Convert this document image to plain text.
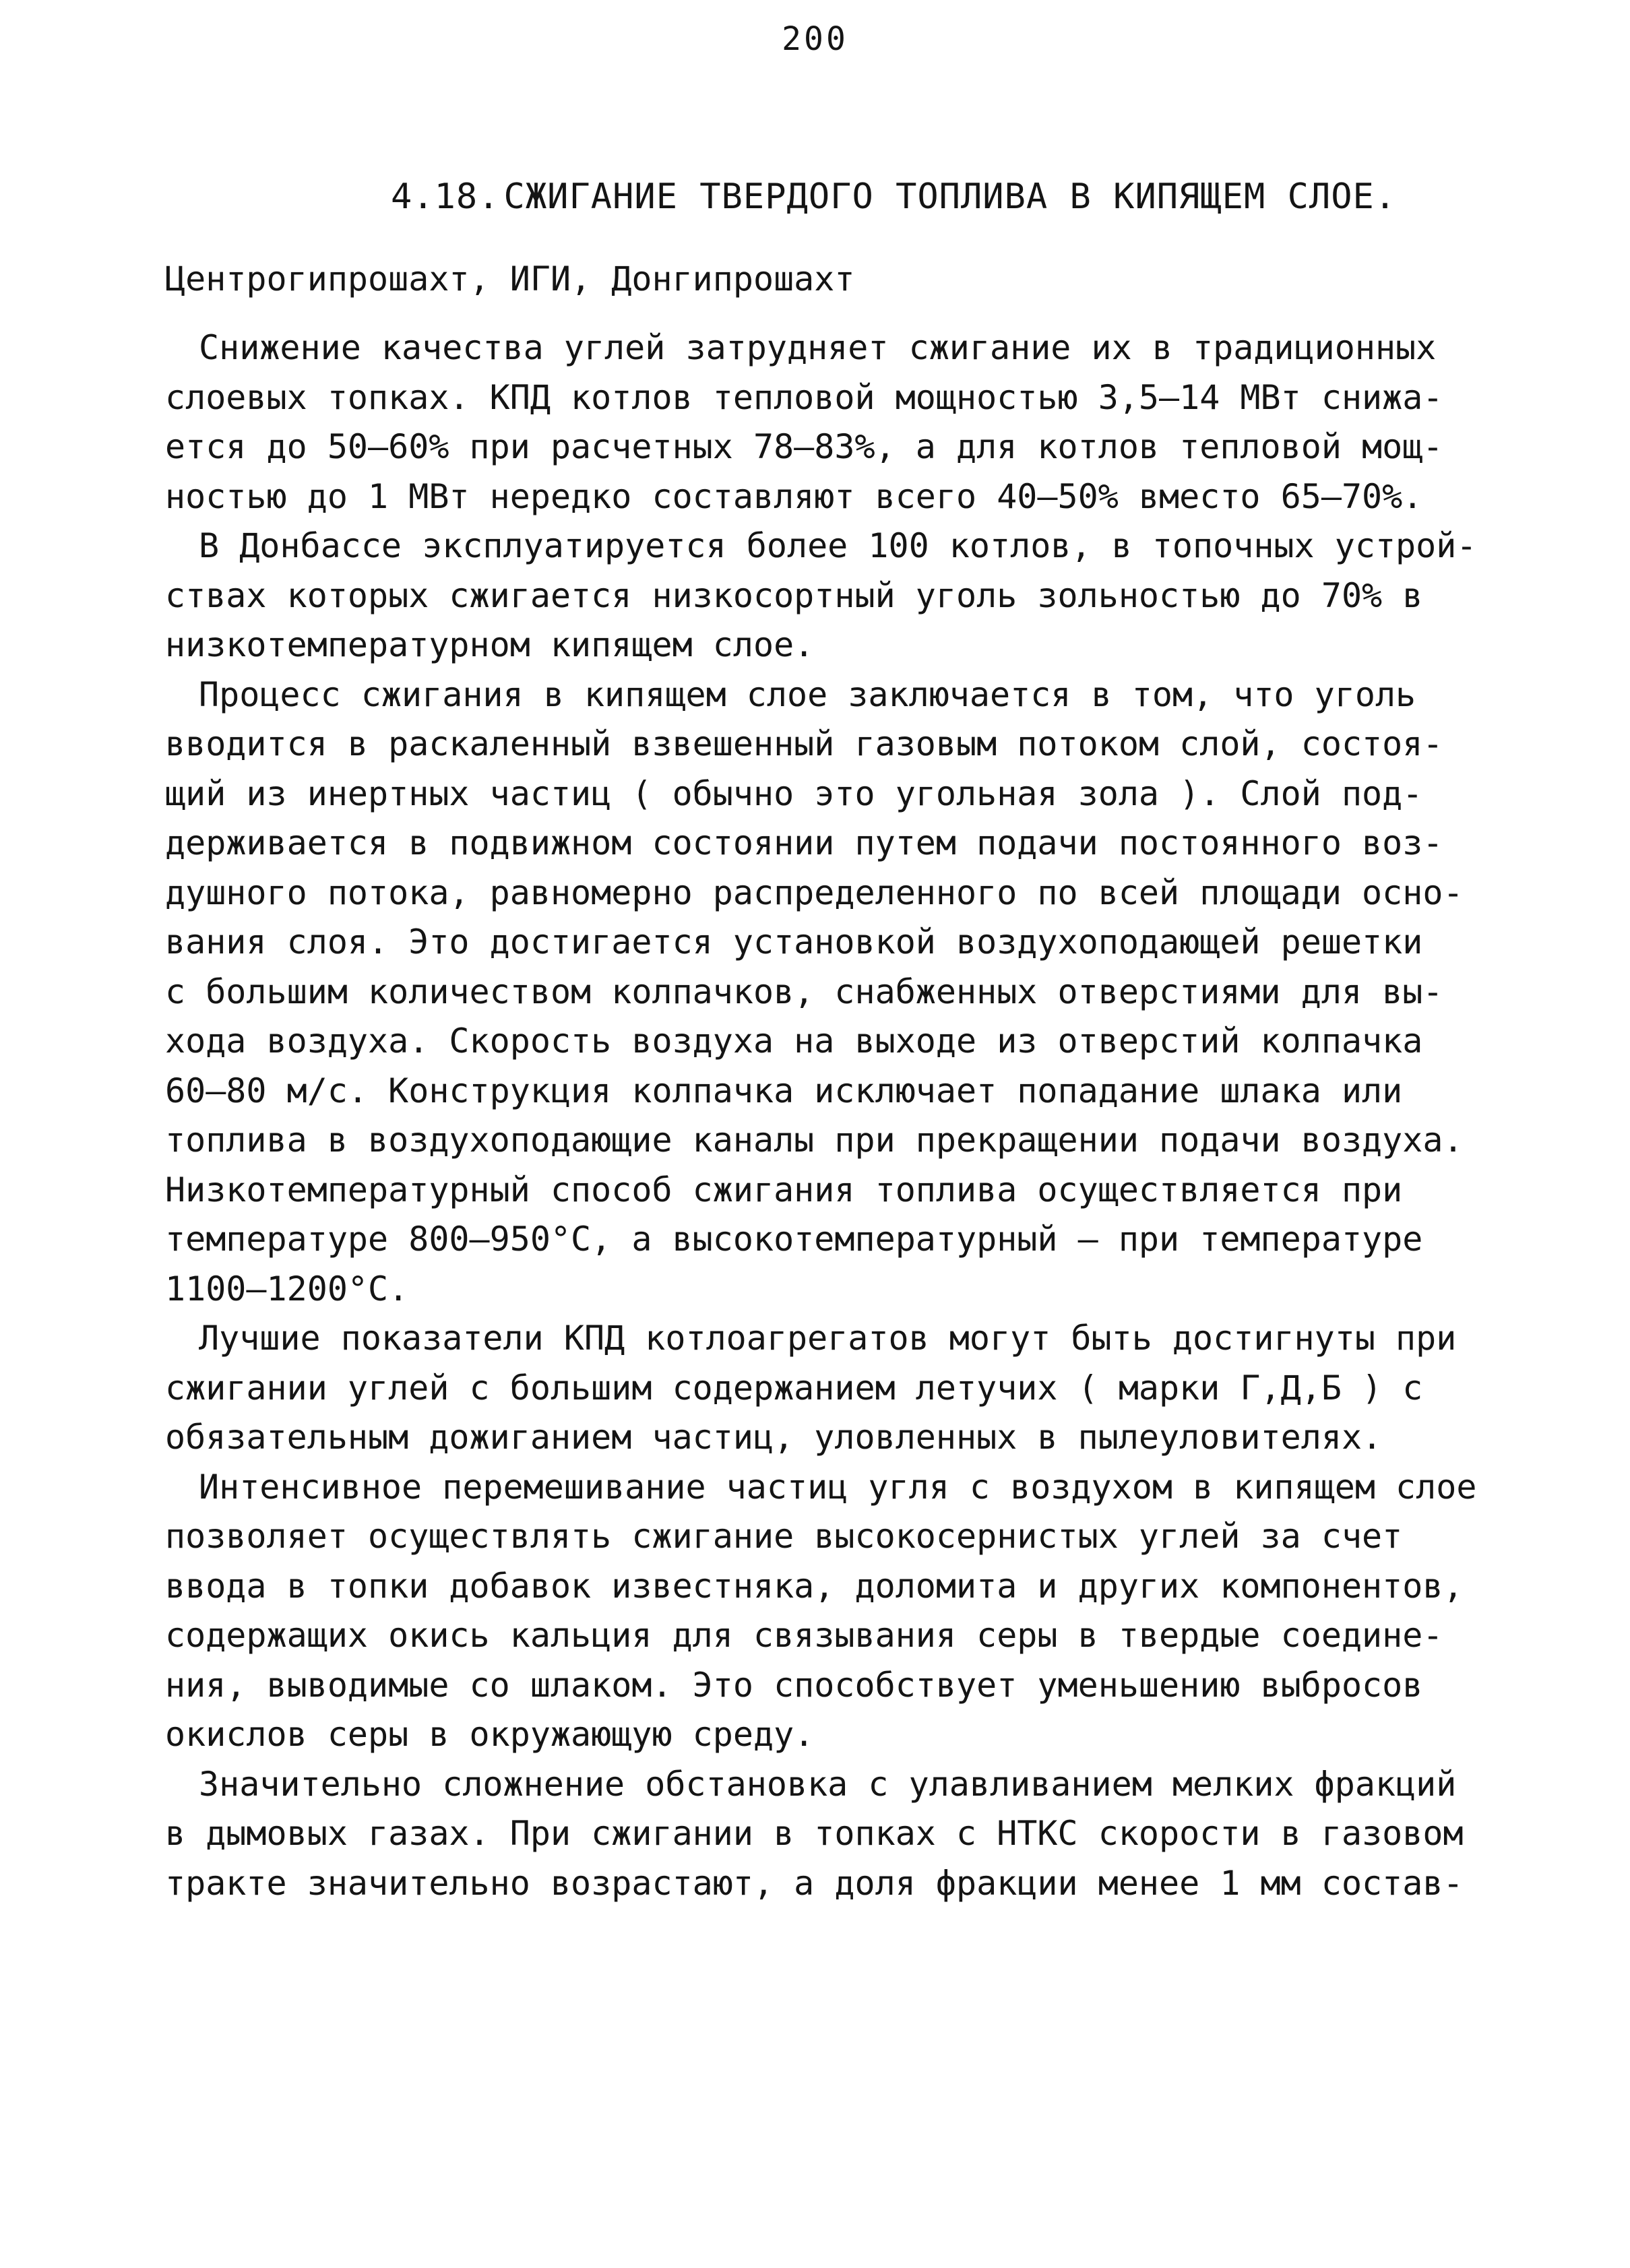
200
4.18. СЖИГАНИЕ ТВЕРДОГО ТОПЛИВА В КИПЯЩЕМ СЛОЕ.
Центрогипрошахт, ИГИ, Донгипрошахт
Снижение качества углей затрудняет сжигание их в традиционных
слоевых топках. КПД котлов тепловой мощностью 3,5–14 МВт снижа-
ется до 50–60% при расчетных 78–83%, а для котлов тепловой мощ-
ностью до 1 МВт нередко составляют всего 40–50% вместо 65–70%.
В Донбассе эксплуатируется более 100 котлов, в топочных устрой-
ствах которых сжигается низкосортный уголь зольностью до 70% в
низкотемпературном кипящем слое.
Процесс сжигания в кипящем слое заключается в том, что уголь
вводится в раскаленный взвешенный газовым потоком слой, состоя-
щий из инертных частиц ( обычно это угольная зола ). Слой под-
держивается в подвижном состоянии путем подачи постоянного воз-
душного потока, равномерно распределенного по всей площади осно-
вания слоя. Это достигается установкой воздухоподающей решетки
с большим количеством колпачков, снабженных отверстиями для вы-
хода воздуха. Скорость воздуха на выходе из отверстий колпачка
60–80 м/с. Конструкция колпачка исключает попадание шлака или
топлива в воздухоподающие каналы при прекращении подачи воздуха.
Низкотемпературный способ сжигания топлива осуществляется при
температуре 800–950°С, а высокотемпературный – при температуре
1100–1200°С.
Лучшие показатели КПД котлоагрегатов могут быть достигнуты при
сжигании углей с большим содержанием летучих ( марки Г,Д,Б ) с
обязательным дожиганием частиц, уловленных в пылеуловителях.
Интенсивное перемешивание частиц угля с воздухом в кипящем слое
позволяет осуществлять сжигание высокосернистых углей за счет
ввода в топки добавок известняка, доломита и других компонентов,
содержащих окись кальция для связывания серы в твердые соедине-
ния, выводимые со шлаком. Это способствует уменьшению выбросов
окислов серы в окружающую среду.
Значительно сложнение обстановка с улавливанием мелких фракций
в дымовых газах. При сжигании в топках с НТКС скорости в газовом
тракте значительно возрастают, а доля фракции менее 1 мм состав-
